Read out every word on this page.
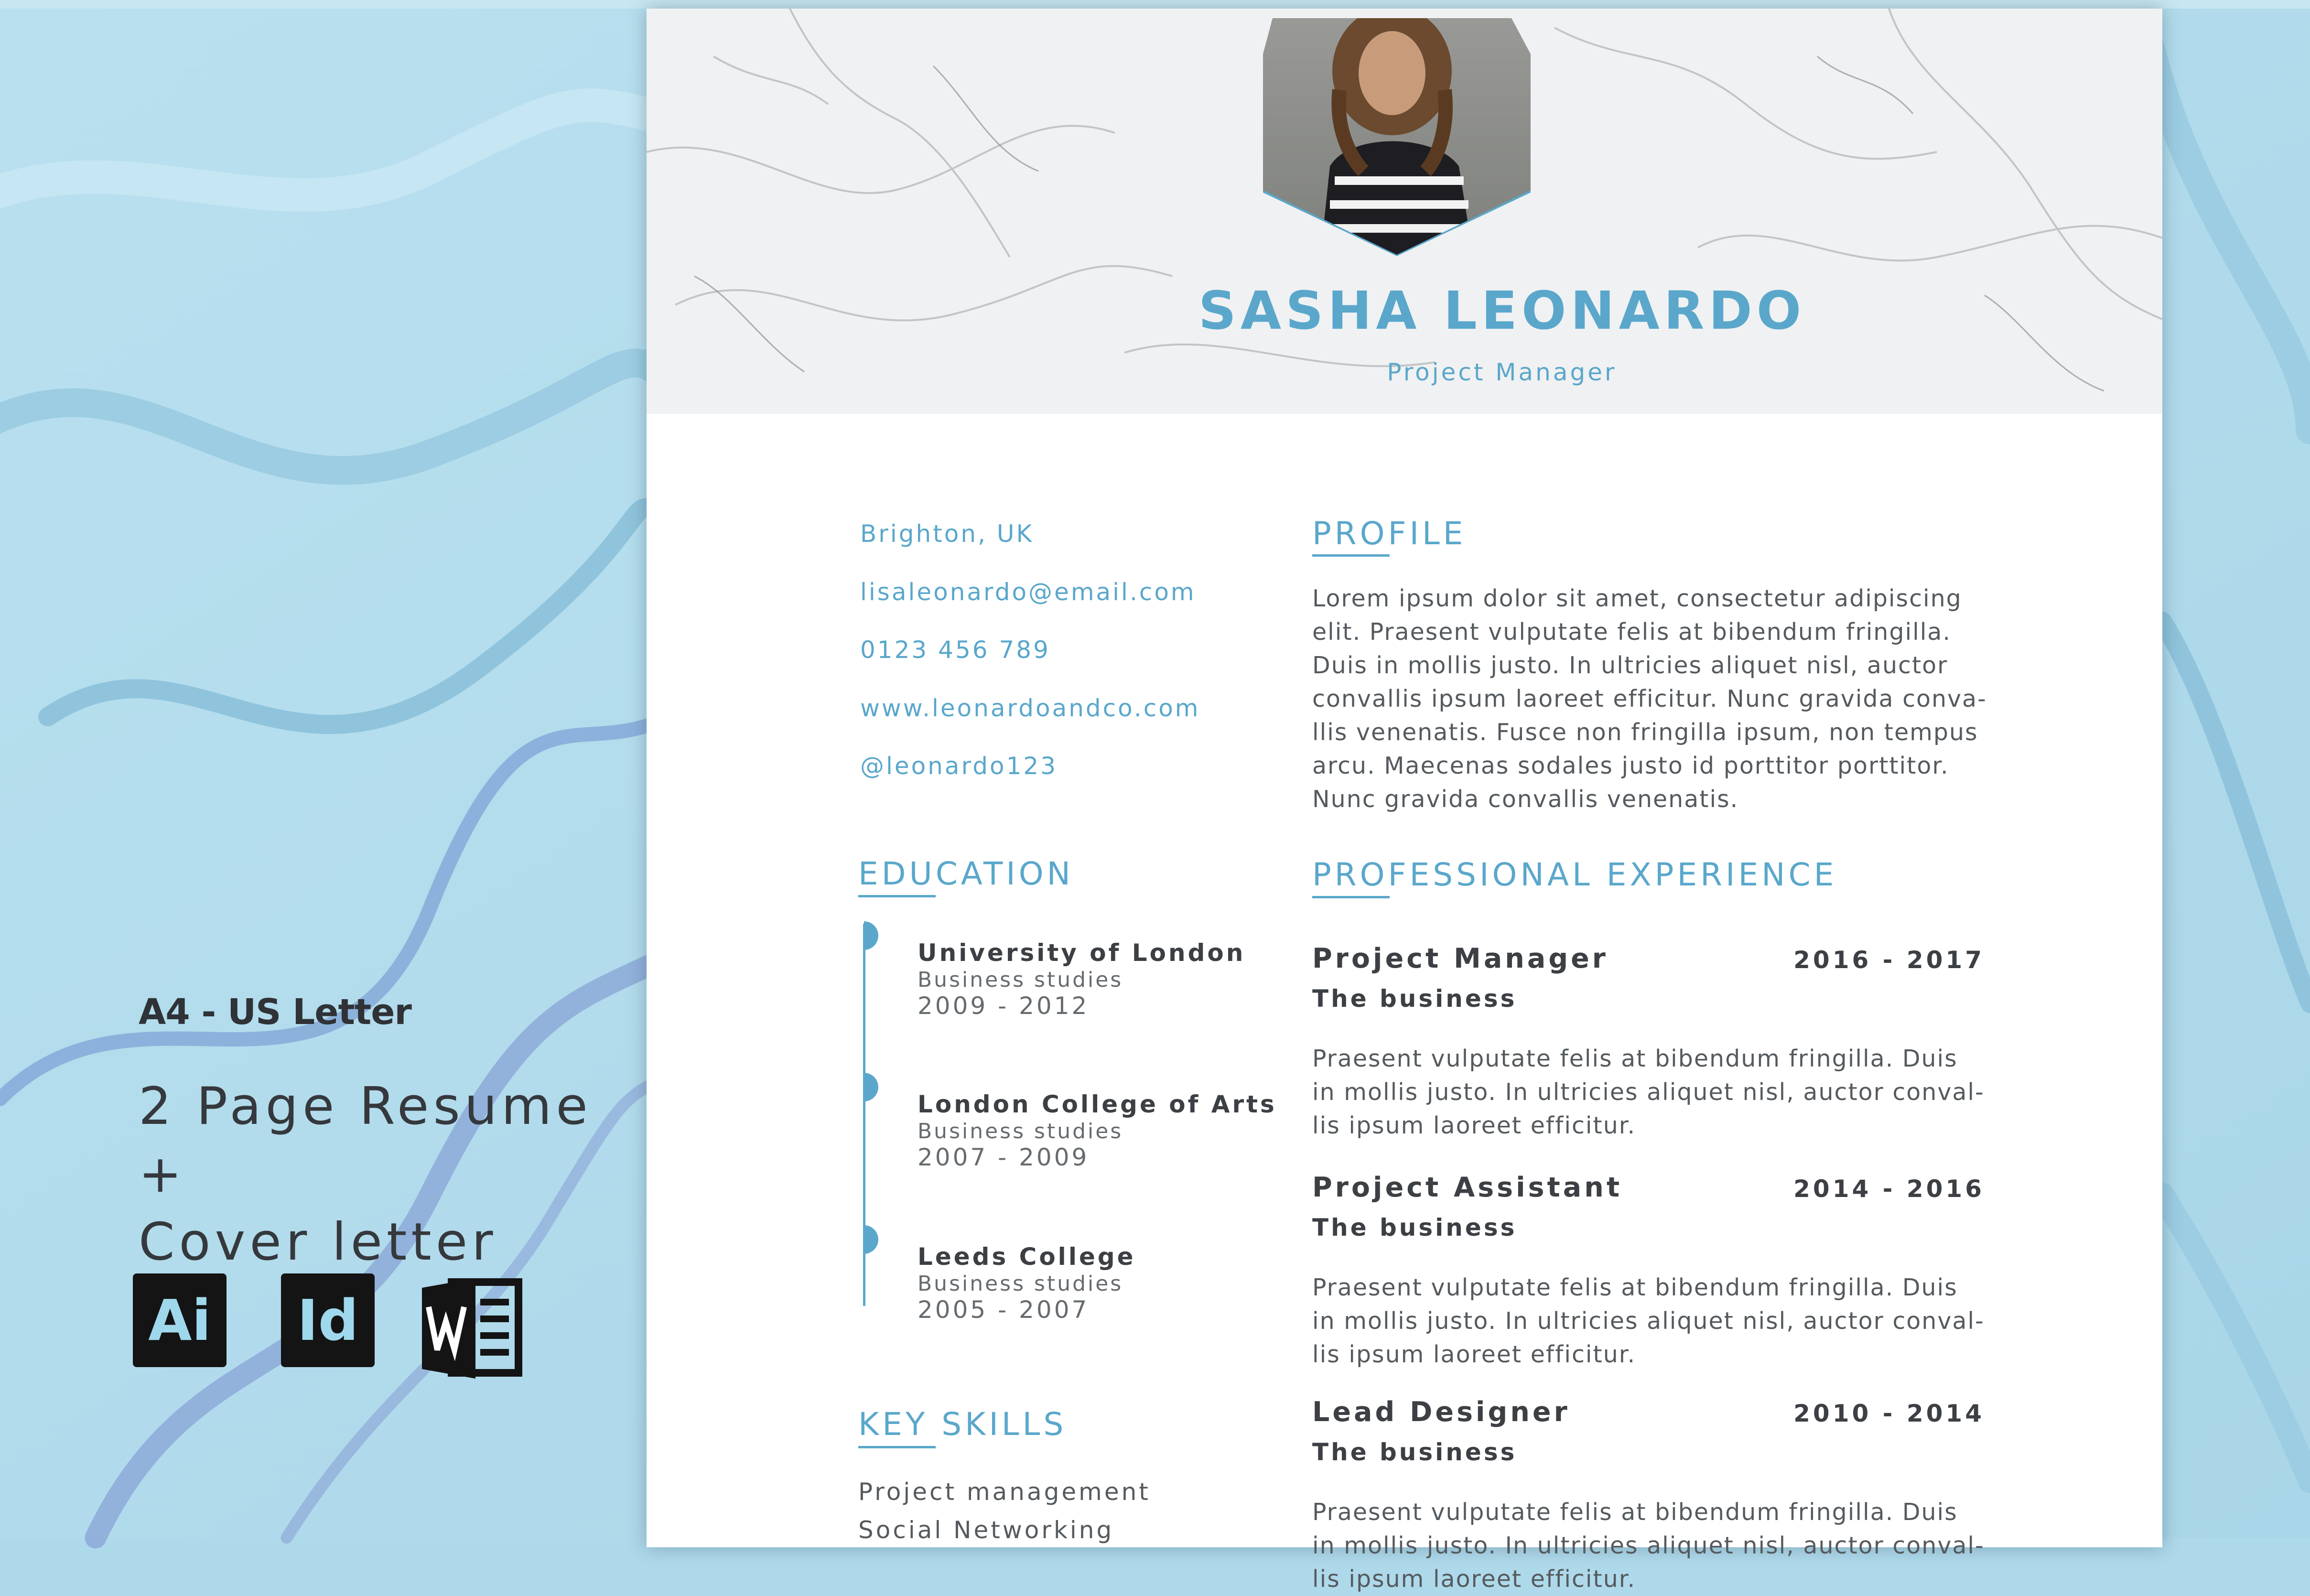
A4 - US Letter
2 Page Resume +
Cover letter
Ai Id
SASHA LEONARDO
Project Manager
Brighton, UK
lisaleonardo@email.com
0123 456 789
www.leonardoandco.com
@leonardo123
PROFILE
Lorem ipsum dolor sit amet, consectetur adipiscing
elit. Praesent vulputate felis at bibendum fringilla.
Duis in mollis justo. In ultricies aliquet nisl, auctor
convallis ipsum laoreet efficitur. Nunc gravida conva-
llis venenatis. Fusce non fringilla ipsum, non tempus
arcu. Maecenas sodales justo id porttitor porttitor.
Nunc gravida convallis venenatis.
EDUCATION
University of London
Business studies
2009 - 2012
London College of Arts
Business studies
2007 - 2009
Leeds College
Business studies
2005 - 2007
KEY SKILLS
Project management
Social Networking
PROFESSIONAL EXPERIENCE
Project Manager	2016 - 2017
The business
Praesent vulputate felis at bibendum fringilla. Duis
in mollis justo. In ultricies aliquet nisl, auctor conval-
lis ipsum laoreet efficitur.
Project Assistant	2014 - 2016
The business
Praesent vulputate felis at bibendum fringilla. Duis
in mollis justo. In ultricies aliquet nisl, auctor conval-
lis ipsum laoreet efficitur.
Lead Designer	2010 - 2014
The business
Praesent vulputate felis at bibendum fringilla. Duis
in mollis justo. In ultricies aliquet nisl, auctor conval-
lis ipsum laoreet efficitur.
